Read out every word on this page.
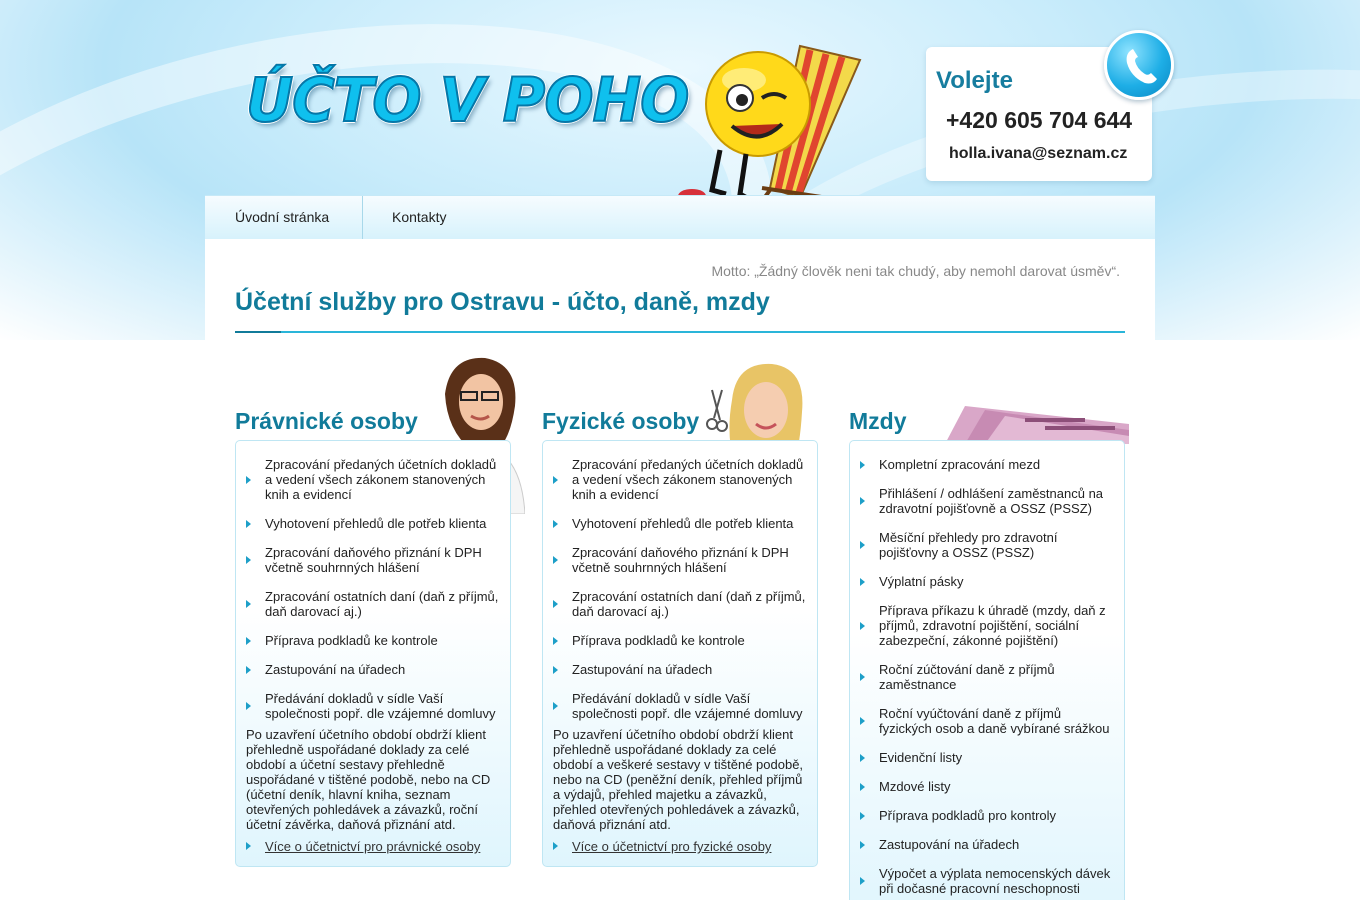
ÚČTO V POHO	Volejte
+420 605 704 644
holla.ivana@seznam.cz
Úvodní stránka	Kontakty
Motto: „Žádný člověk neni tak chudý, aby nemohl darovat úsměv“.
Účetní služby pro Ostravu - účto, daně, mzdy
Právnické osoby
Zpracování předaných účetních dokladů a vedení všech zákonem stanovených knih a evidencí
Vyhotovení přehledů dle potřeb klienta
Zpracování daňového přiznání k DPH včetně souhrnných hlášení
Zpracování ostatních daní (daň z příjmů, daň darovací aj.)
Příprava podkladů ke kontrole
Zastupování na úřadech
Předávání dokladů v sídle Vaší společnosti popř. dle vzájemné domluvy

Po uzavření účetního období obdrží klient přehledně uspořádané doklady za celé období a účetní sestavy přehledně uspořádané v tištěné podobě, nebo na CD (účetní deník, hlavní kniha, seznam otevřených pohledávek a závazků, roční účetní závěrka, daňová přiznání atd.

Více o účetnictví pro právnické osoby
Fyzické osoby
Zpracování předaných účetních dokladů a vedení všech zákonem stanovených knih a evidencí
Vyhotovení přehledů dle potřeb klienta
Zpracování daňového přiznání k DPH včetně souhrnných hlášení
Zpracování ostatních daní (daň z příjmů, daň darovací aj.)
Příprava podkladů ke kontrole
Zastupování na úřadech
Předávání dokladů v sídle Vaší společnosti popř. dle vzájemné domluvy

Po uzavření účetního období obdrží klient přehledně uspořádané doklady za celé období a veškeré sestavy v tištěné podobě, nebo na CD (peněžní deník, přehled příjmů a výdajů, přehled majetku a závazků, přehled otevřených pohledávek a závazků, daňová přiznání atd.

Více o účetnictví pro fyzické osoby
Mzdy
Kompletní zpracování mezd
Přihlášení / odhlášení zaměstnanců na zdravotní pojišťovně a OSSZ (PSSZ)
Měsíční přehledy pro zdravotní pojišťovny a OSSZ (PSSZ)
Výplatní pásky
Příprava příkazu k úhradě (mzdy, daň z příjmů, zdravotní pojištění, sociální zabezpeční, zákonné pojištění)
Roční zúčtování daně z příjmů zaměstnance
Roční vyúčtování daně z příjmů fyzických osob a daně vybírané srážkou
Evidenční listy
Mzdové listy
Příprava podkladů pro kontroly
Zastupování na úřadech
Výpočet a výplata nemocenských dávek při dočasné pracovní neschopnosti
